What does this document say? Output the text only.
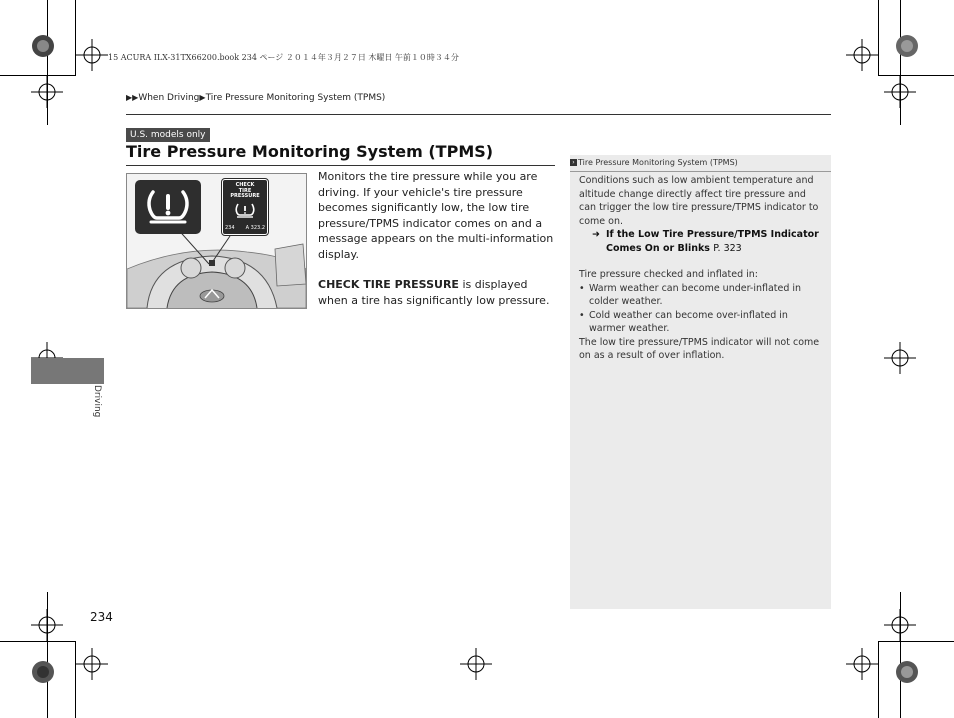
15 ACURA ILX-31TX66200.book 234 ページ ２０１４年３月２７日 木曜日 午前１０時３４分
▶▶When Driving▶Tire Pressure Monitoring System (TPMS)
U.S. models only
Tire Pressure Monitoring System (TPMS)
CHECK
TIRE
PRESSURE
234 A 323.2

Monitors the tire pressure while you are driving. If your vehicle's tire pressure becomes significantly low, the low tire pressure/TPMS indicator comes on and a message appears on the multi-information display.

CHECK TIRE PRESSURE is displayed when a tire has significantly low pressure.

Driving
234
› Tire Pressure Monitoring System (TPMS)

Conditions such as low ambient temperature and altitude change directly affect tire pressure and can trigger the low tire pressure/TPMS indicator to come on.

➜ If the Low Tire Pressure/TPMS Indicator Comes On or Blinks P. 323

Tire pressure checked and inflated in:

• Warm weather can become under-inflated in colder weather.
• Cold weather can become over-inflated in warmer weather.

The low tire pressure/TPMS indicator will not come on as a result of over inflation.
